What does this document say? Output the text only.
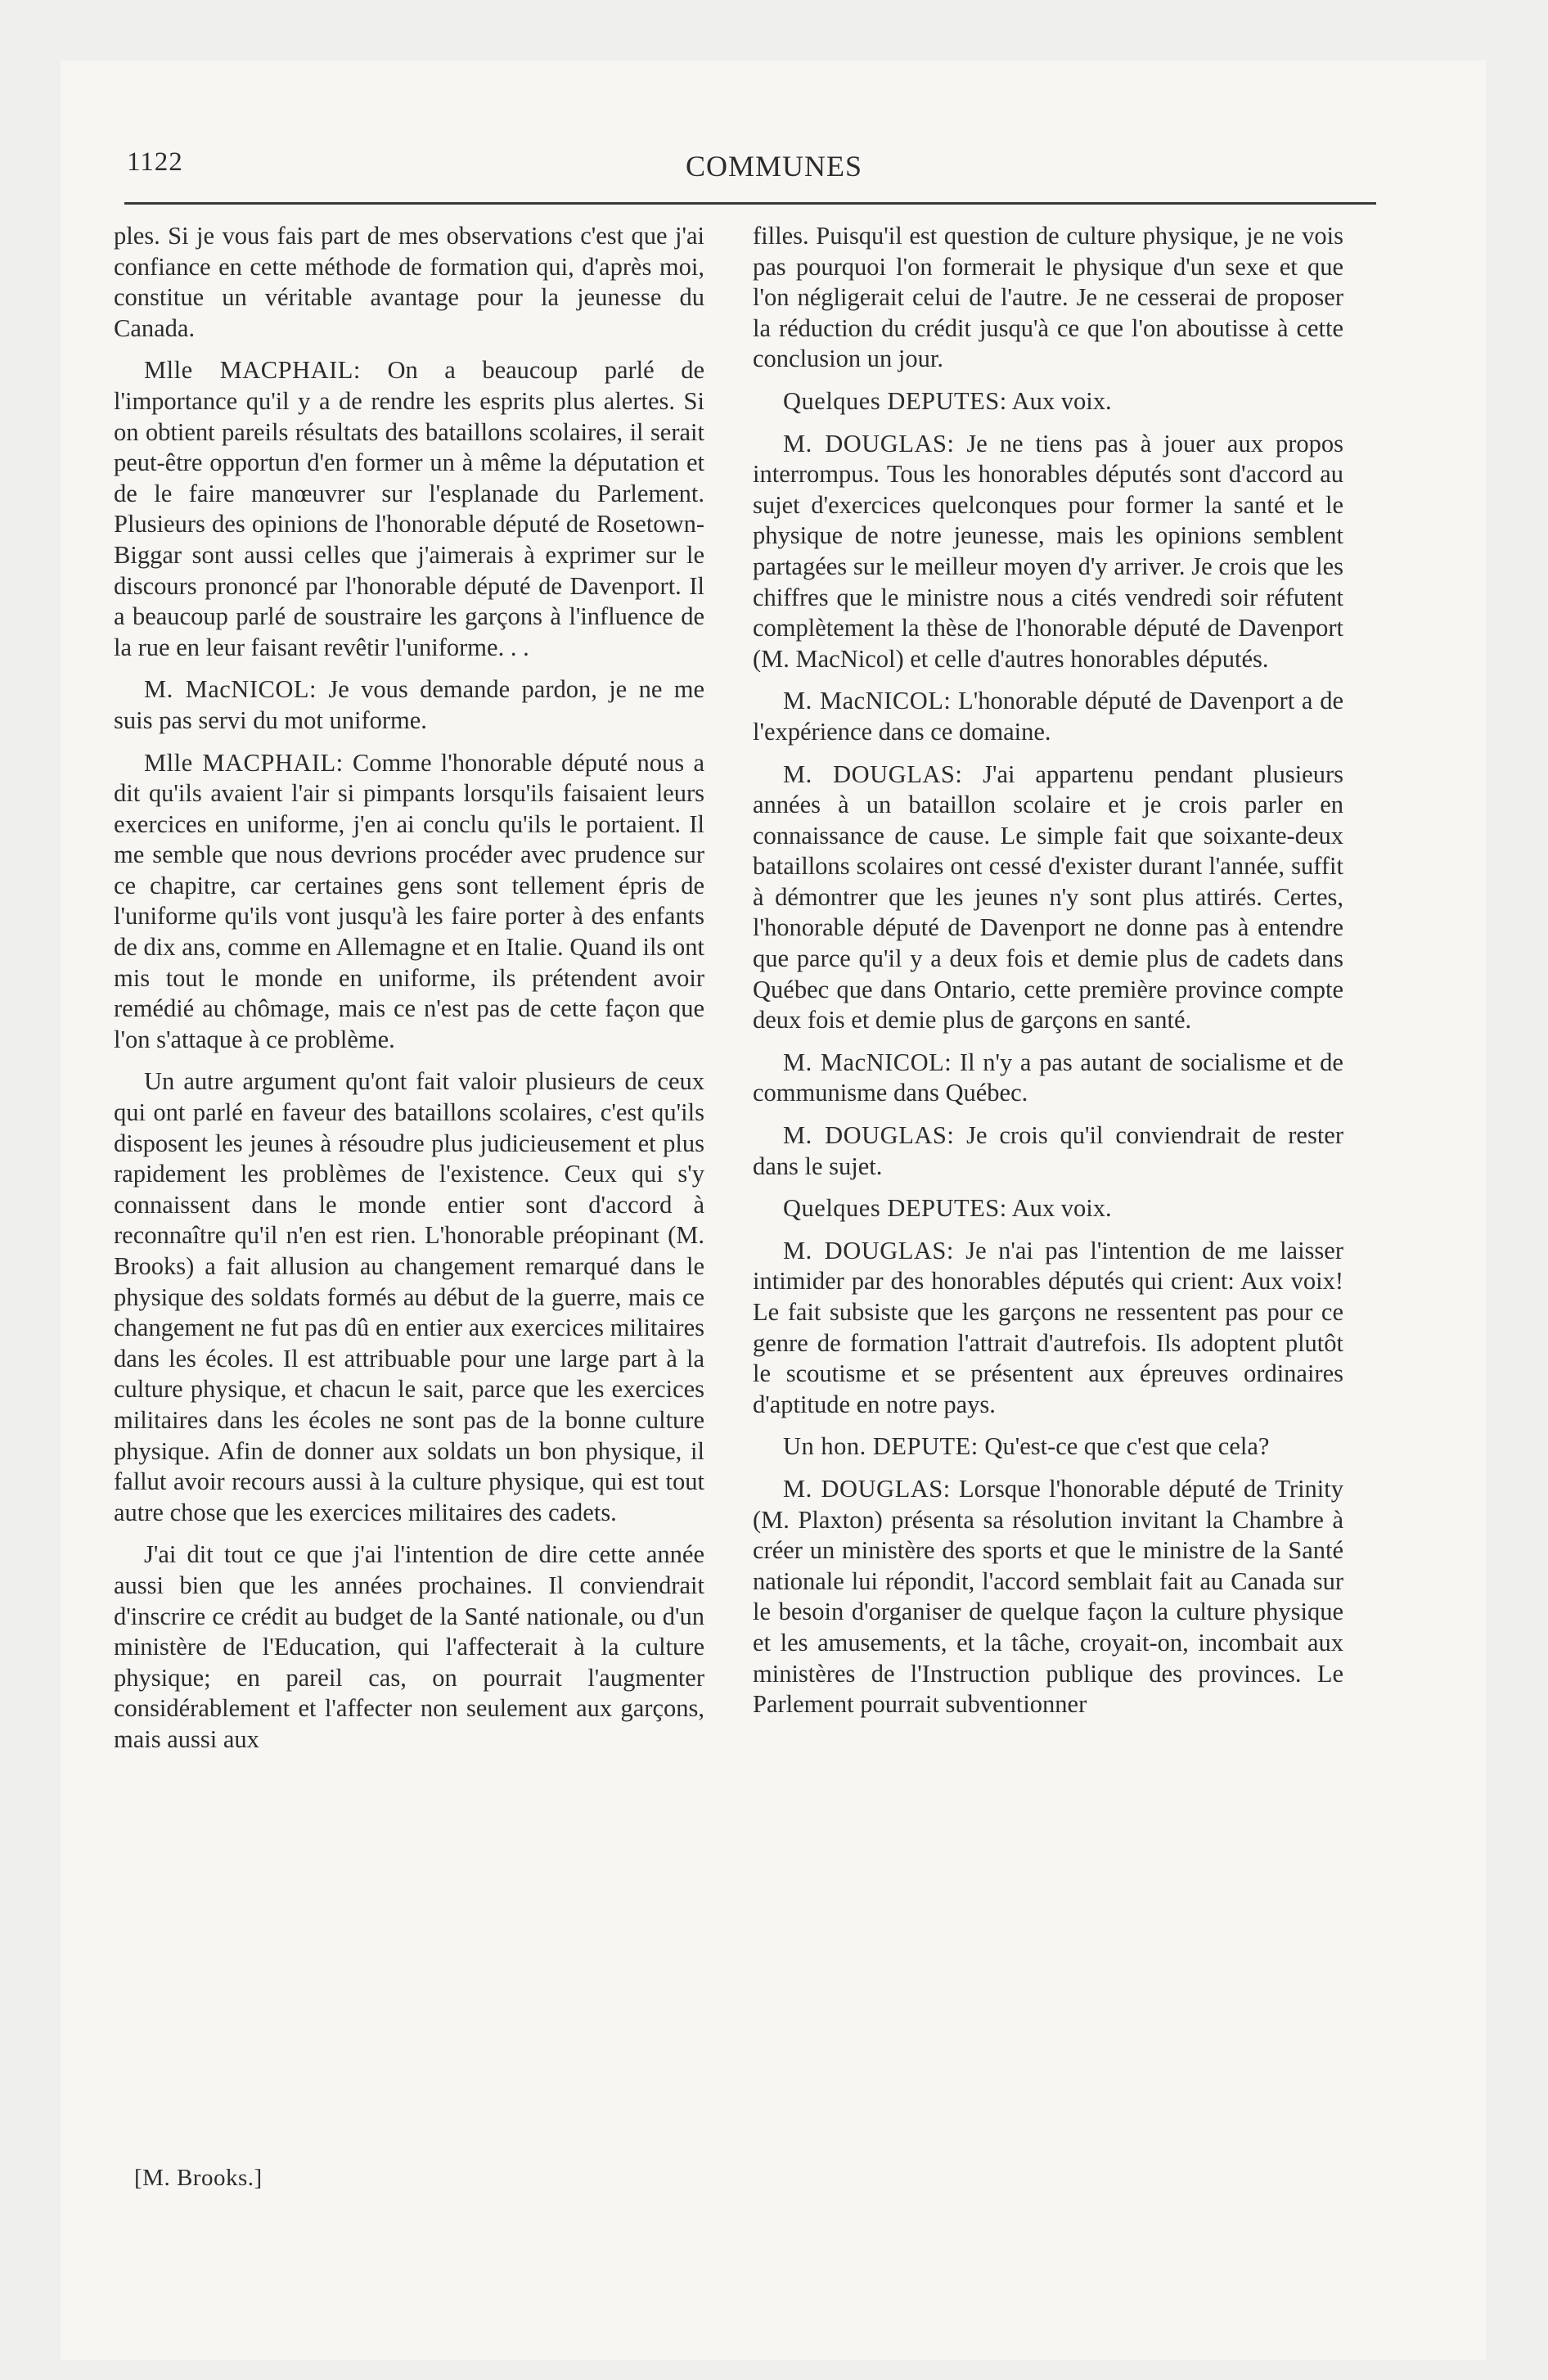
1122	COMMUNES

ples. Si je vous fais part de mes observations c'est que j'ai confiance en cette méthode de formation qui, d'après moi, constitue un véritable avantage pour la jeunesse du Canada.

Mlle MACPHAIL: On a beaucoup parlé de l'importance qu'il y a de rendre les esprits plus alertes. Si on obtient pareils résultats des bataillons scolaires, il serait peut-être opportun d'en former un à même la députation et de le faire manœuvrer sur l'esplanade du Parlement. Plusieurs des opinions de l'honorable député de Rosetown-Biggar sont aussi celles que j'aimerais à exprimer sur le discours prononcé par l'honorable député de Davenport. Il a beaucoup parlé de soustraire les garçons à l'influence de la rue en leur faisant revêtir l'uniforme. . .

M. MacNICOL: Je vous demande pardon, je ne me suis pas servi du mot uniforme.

Mlle MACPHAIL: Comme l'honorable député nous a dit qu'ils avaient l'air si pimpants lorsqu'ils faisaient leurs exercices en uniforme, j'en ai conclu qu'ils le portaient. Il me semble que nous devrions procéder avec prudence sur ce chapitre, car certaines gens sont tellement épris de l'uniforme qu'ils vont jusqu'à les faire porter à des enfants de dix ans, comme en Allemagne et en Italie. Quand ils ont mis tout le monde en uniforme, ils prétendent avoir remédié au chômage, mais ce n'est pas de cette façon que l'on s'attaque à ce problème.

Un autre argument qu'ont fait valoir plusieurs de ceux qui ont parlé en faveur des bataillons scolaires, c'est qu'ils disposent les jeunes à résoudre plus judicieusement et plus rapidement les problèmes de l'existence. Ceux qui s'y connaissent dans le monde entier sont d'accord à reconnaître qu'il n'en est rien. L'honorable préopinant (M. Brooks) a fait allusion au changement remarqué dans le physique des soldats formés au début de la guerre, mais ce changement ne fut pas dû en entier aux exercices militaires dans les écoles. Il est attribuable pour une large part à la culture physique, et chacun le sait, parce que les exercices militaires dans les écoles ne sont pas de la bonne culture physique. Afin de donner aux soldats un bon physique, il fallut avoir recours aussi à la culture physique, qui est tout autre chose que les exercices militaires des cadets.

J'ai dit tout ce que j'ai l'intention de dire cette année aussi bien que les années prochaines. Il conviendrait d'inscrire ce crédit au budget de la Santé nationale, ou d'un ministère de l'Education, qui l'affecterait à la culture physique; en pareil cas, on pourrait l'augmenter considérablement et l'affecter non seulement aux garçons, mais aussi aux

filles. Puisqu'il est question de culture physique, je ne vois pas pourquoi l'on formerait le physique d'un sexe et que l'on négligerait celui de l'autre. Je ne cesserai de proposer la réduction du crédit jusqu'à ce que l'on aboutisse à cette conclusion un jour.

Quelques DEPUTES: Aux voix.

M. DOUGLAS: Je ne tiens pas à jouer aux propos interrompus. Tous les honorables députés sont d'accord au sujet d'exercices quelconques pour former la santé et le physique de notre jeunesse, mais les opinions semblent partagées sur le meilleur moyen d'y arriver. Je crois que les chiffres que le ministre nous a cités vendredi soir réfutent complètement la thèse de l'honorable député de Davenport (M. MacNicol) et celle d'autres honorables députés.

M. MacNICOL: L'honorable député de Davenport a de l'expérience dans ce domaine.

M. DOUGLAS: J'ai appartenu pendant plusieurs années à un bataillon scolaire et je crois parler en connaissance de cause. Le simple fait que soixante-deux bataillons scolaires ont cessé d'exister durant l'année, suffit à démontrer que les jeunes n'y sont plus attirés. Certes, l'honorable député de Davenport ne donne pas à entendre que parce qu'il y a deux fois et demie plus de cadets dans Québec que dans Ontario, cette première province compte deux fois et demie plus de garçons en santé.

M. MacNICOL: Il n'y a pas autant de socialisme et de communisme dans Québec.

M. DOUGLAS: Je crois qu'il conviendrait de rester dans le sujet.

Quelques DEPUTES: Aux voix.

M. DOUGLAS: Je n'ai pas l'intention de me laisser intimider par des honorables députés qui crient: Aux voix! Le fait subsiste que les garçons ne ressentent pas pour ce genre de formation l'attrait d'autrefois. Ils adoptent plutôt le scoutisme et se présentent aux épreuves ordinaires d'aptitude en notre pays.

Un hon. DEPUTE: Qu'est-ce que c'est que cela?

M. DOUGLAS: Lorsque l'honorable député de Trinity (M. Plaxton) présenta sa résolution invitant la Chambre à créer un ministère des sports et que le ministre de la Santé nationale lui répondit, l'accord semblait fait au Canada sur le besoin d'organiser de quelque façon la culture physique et les amusements, et la tâche, croyait-on, incombait aux ministères de l'Instruction publique des provinces. Le Parlement pourrait subventionner

[M. Brooks.]
